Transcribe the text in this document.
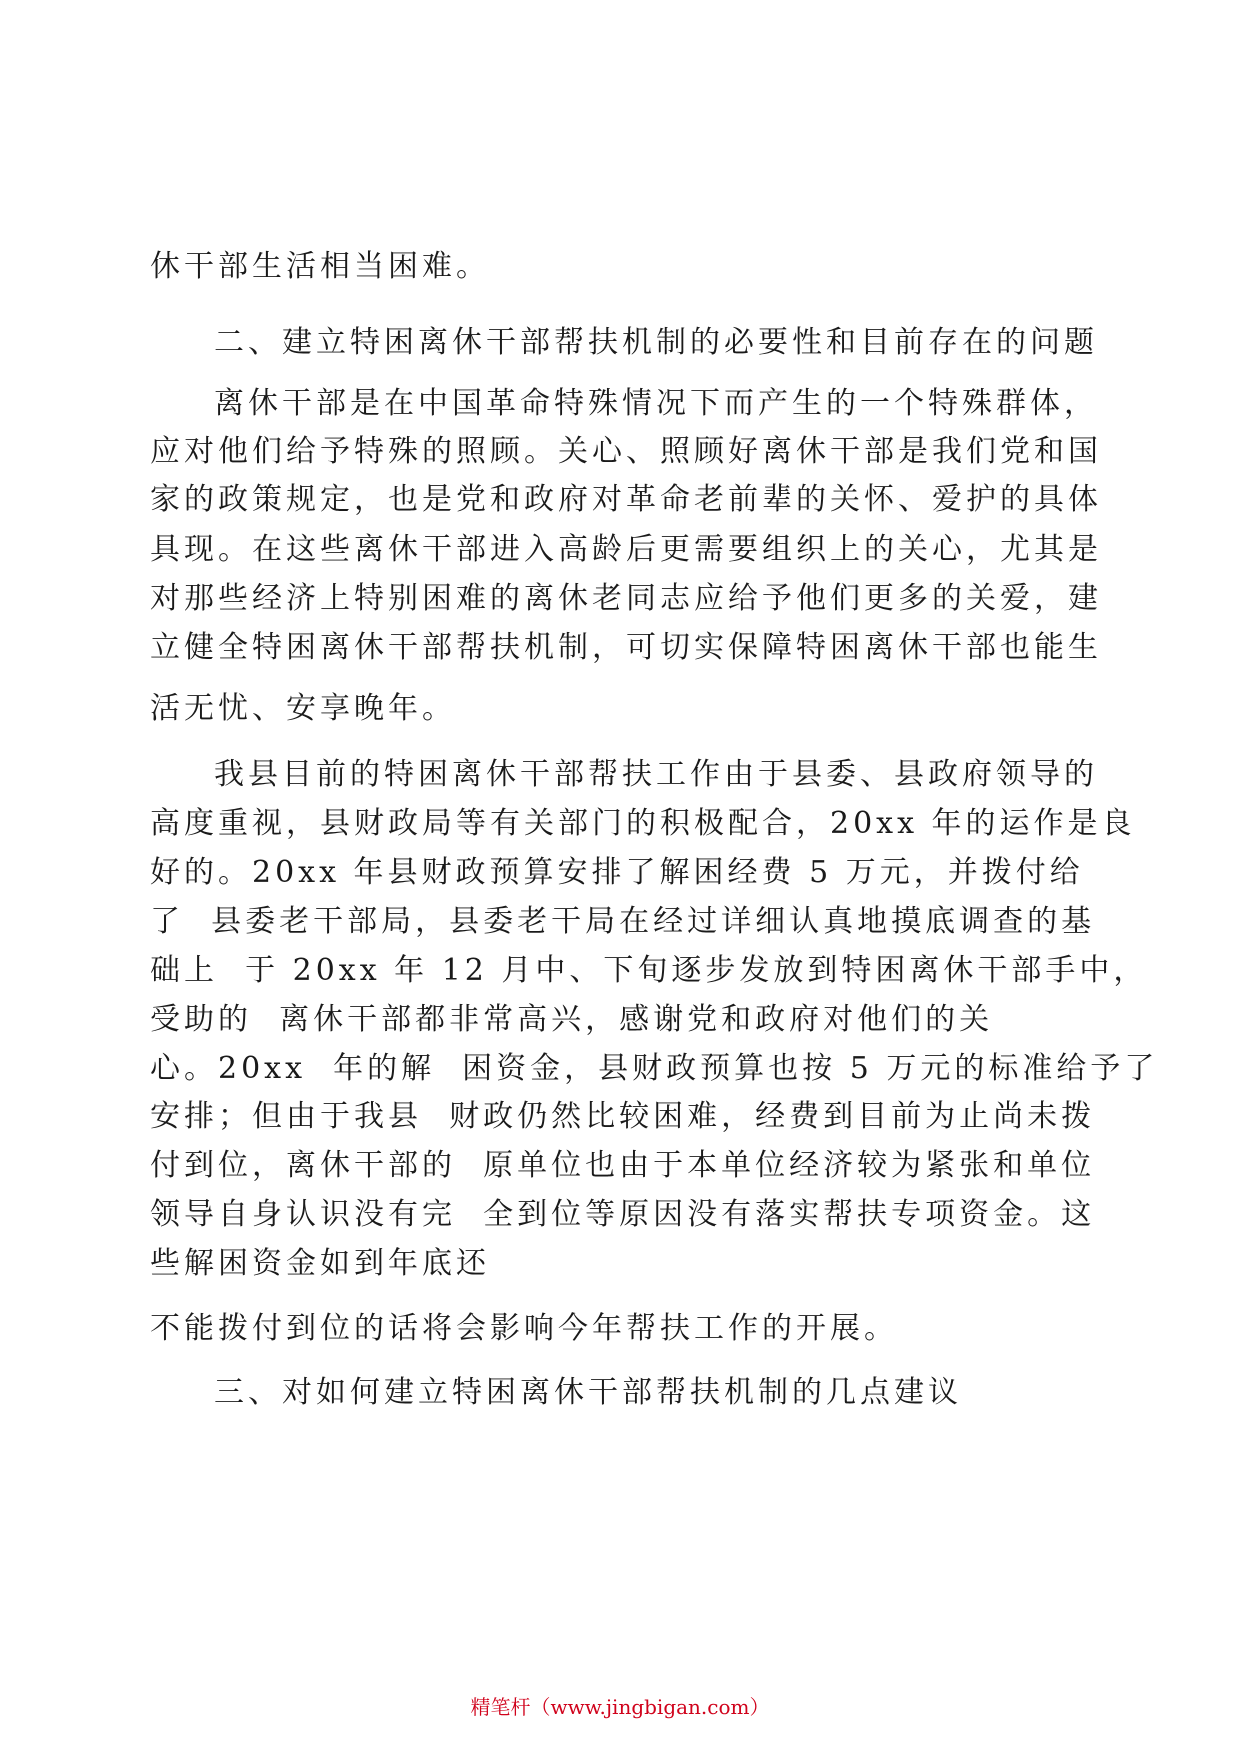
休干部生活相当困难。

二、建立特困离休干部帮扶机制的必要性和目前存在的问题

离休干部是在中国革命特殊情况下而产生的一个特殊群体，

应对他们给予特殊的照顾。关心、照顾好离休干部是我们党和国

家的政策规定，也是党和政府对革命老前辈的关怀、爱护的具体

具现。在这些离休干部进入高龄后更需要组织上的关心，尤其是

对那些经济上特别困难的离休老同志应给予他们更多的关爱，建

立健全特困离休干部帮扶机制，可切实保障特困离休干部也能生

活无忧、安享晚年。

我县目前的特困离休干部帮扶工作由于县委、县政府领导的

高度重视，县财政局等有关部门的积极配合，20xx 年的运作是良

好的。20xx 年县财政预算安排了解困经费 5 万元，并拨付给

了  县委老干部局，县委老干局在经过详细认真地摸底调查的基

础上  于 20xx 年 12 月中、下旬逐步发放到特困离休干部手中，

受助的  离休干部都非常高兴，感谢党和政府对他们的关

心。20xx  年的解  困资金，县财政预算也按 5 万元的标准给予了

安排；但由于我县  财政仍然比较困难，经费到目前为止尚未拨

付到位，离休干部的  原单位也由于本单位经济较为紧张和单位

领导自身认识没有完  全到位等原因没有落实帮扶专项资金。这

些解困资金如到年底还

不能拨付到位的话将会影响今年帮扶工作的开展。

三、对如何建立特困离休干部帮扶机制的几点建议

精笔杆（www.jingbigan.com）
